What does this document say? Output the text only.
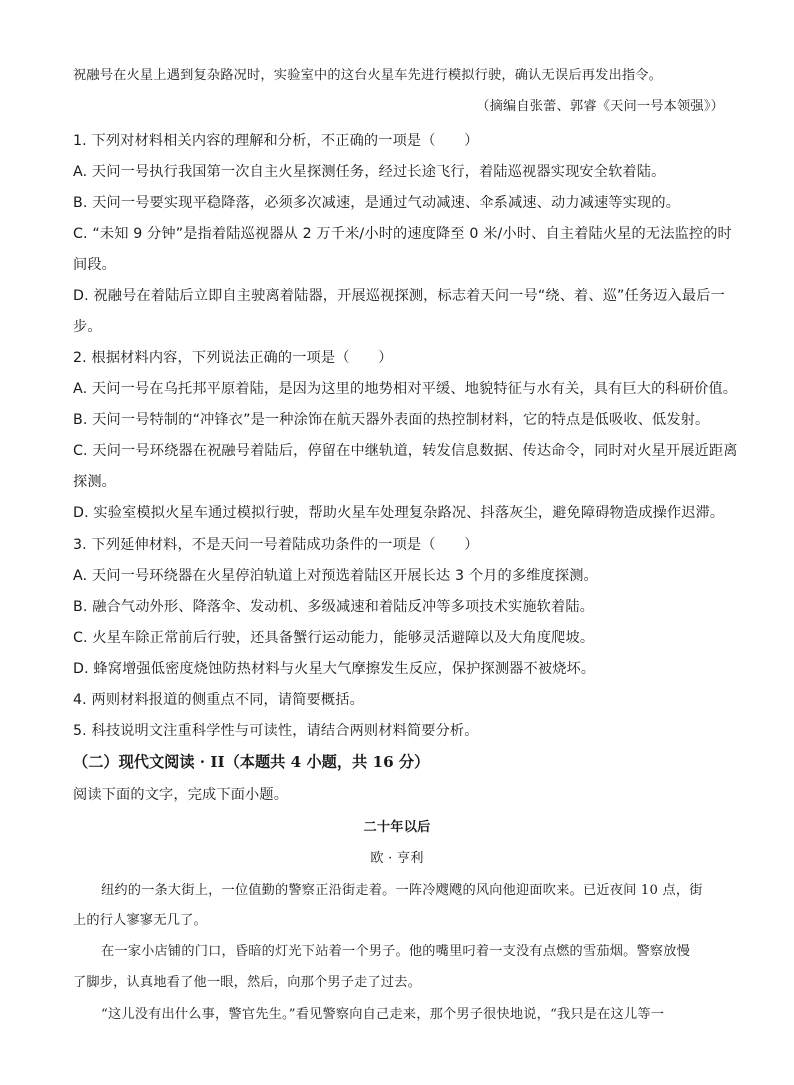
祝融号在火星上遇到复杂路况时，实验室中的这台火星车先进行模拟行驶，确认无误后再发出指令。
（摘编自张蕾、郭睿《天问一号本领强》）
1. 下列对材料相关内容的理解和分析，不正确的一项是（　　）
A. 天问一号执行我国第一次自主火星探测任务，经过长途飞行，着陆巡视器实现安全软着陆。
B. 天问一号要实现平稳降落，必须多次减速，是通过气动减速、伞系减速、动力减速等实现的。
C. “未知 9 分钟”是指着陆巡视器从 2 万千米/小时的速度降至 0 米/小时、自主着陆火星的无法监控的时
间段。
D. 祝融号在着陆后立即自主驶离着陆器，开展巡视探测，标志着天问一号“绕、着、巡”任务迈入最后一
步。
2. 根据材料内容，下列说法正确的一项是（　　）
A. 天问一号在乌托邦平原着陆，是因为这里的地势相对平缓、地貌特征与水有关，具有巨大的科研价值。
B. 天问一号特制的“冲锋衣”是一种涂饰在航天器外表面的热控制材料，它的特点是低吸收、低发射。
C. 天问一号环绕器在祝融号着陆后，停留在中继轨道，转发信息数据、传达命令，同时对火星开展近距离
探测。
D. 实验室模拟火星车通过模拟行驶，帮助火星车处理复杂路况、抖落灰尘，避免障碍物造成操作迟滞。
3. 下列延伸材料，不是天问一号着陆成功条件的一项是（　　）
A. 天问一号环绕器在火星停泊轨道上对预选着陆区开展长达 3 个月的多维度探测。
B. 融合气动外形、降落伞、发动机、多级减速和着陆反冲等多项技术实施软着陆。
C. 火星车除正常前后行驶，还具备蟹行运动能力，能够灵活避障以及大角度爬坡。
D. 蜂窝增强低密度烧蚀防热材料与火星大气摩擦发生反应，保护探测器不被烧坏。
4. 两则材料报道的侧重点不同，请简要概括。
5. 科技说明文注重科学性与可读性，请结合两则材料简要分析。
（二）现代文阅读 · II（本题共 4 小题，共 16 分）
阅读下面的文字，完成下面小题。
二十年以后
欧 · 亨利
纽约的一条大街上，一位值勤的警察正沿街走着。一阵冷飕飕的风向他迎面吹来。已近夜间 10 点，街
上的行人寥寥无几了。
在一家小店铺的门口，昏暗的灯光下站着一个男子。他的嘴里叼着一支没有点燃的雪茄烟。警察放慢
了脚步，认真地看了他一眼，然后，向那个男子走了过去。
“这儿没有出什么事，警官先生。”看见警察向自己走来，那个男子很快地说，“我只是在这儿等一
